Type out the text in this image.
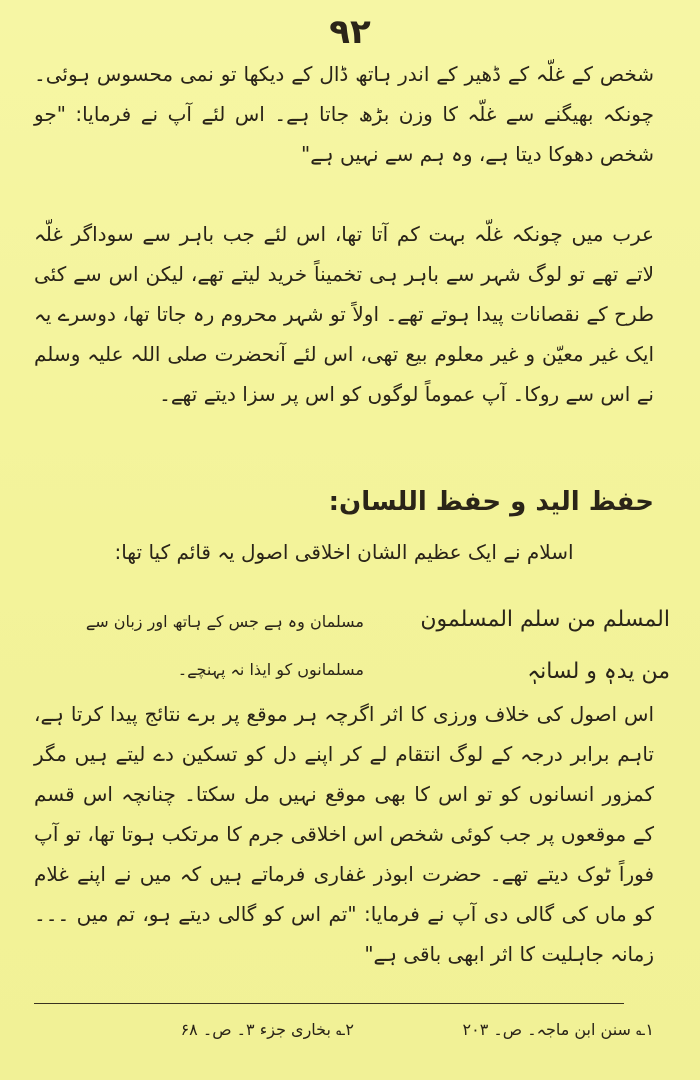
۹۲
شخص کے غلّہ کے ڈھیر کے اندر ہاتھ ڈال کے دیکھا تو نمی محسوس ہوئی۔ چونکہ بھیگنے سے غلّہ کا وزن بڑھ جاتا ہے۔ اس لئے آپ نے فرمایا: "جو شخص دھوکا دیتا ہے، وہ ہم سے نہیں ہے"
عرب میں چونکہ غلّہ بہت کم آتا تھا، اس لئے جب باہر سے سوداگر غلّہ لاتے تھے تو لوگ شہر سے باہر ہی تخمیناً خرید لیتے تھے، لیکن اس سے کئی طرح کے نقصانات پیدا ہوتے تھے۔ اولاً تو شہر محروم رہ جاتا تھا، دوسرے یہ ایک غیر معیّن و غیر معلوم بیع تھی، اس لئے آنحضرت صلی اللہ علیہ وسلم نے اس سے روکا۔ آپ عموماً لوگوں کو اس پر سزا دیتے تھے۔
حفظ الید و حفظ اللسان:
اسلام نے ایک عظیم الشان اخلاقی اصول یہ قائم کیا تھا:
المسلم من سلم المسلمون
من یدہٖ و لسانہٖ
مسلمان وہ ہے جس کے ہاتھ اور زبان سے
مسلمانوں کو ایذا نہ پہنچے۔
اس اصول کی خلاف ورزی کا اثر اگرچہ ہر موقع پر برے نتائج پیدا کرتا ہے، تاہم برابر درجہ کے لوگ انتقام لے کر اپنے دل کو تسکین دے لیتے ہیں مگر کمزور انسانوں کو تو اس کا بھی موقع نہیں مل سکتا۔ چنانچہ اس قسم کے موقعوں پر جب کوئی شخص اس اخلاقی جرم کا مرتکب ہوتا تھا، تو آپ فوراً ٹوک دیتے تھے۔ حضرت ابوذر غفاری فرماتے ہیں کہ میں نے اپنے غلام کو ماں کی گالی دی آپ نے فرمایا: "تم اس کو گالی دیتے ہو، تم میں ۔۔۔ زمانہ جاہلیت کا اثر ابھی باقی ہے"
۱؎ سنن ابن ماجہ۔ ص۔ ۲۰۳
۲؎ بخاری جزء ۳۔ ص۔ ۶۸
